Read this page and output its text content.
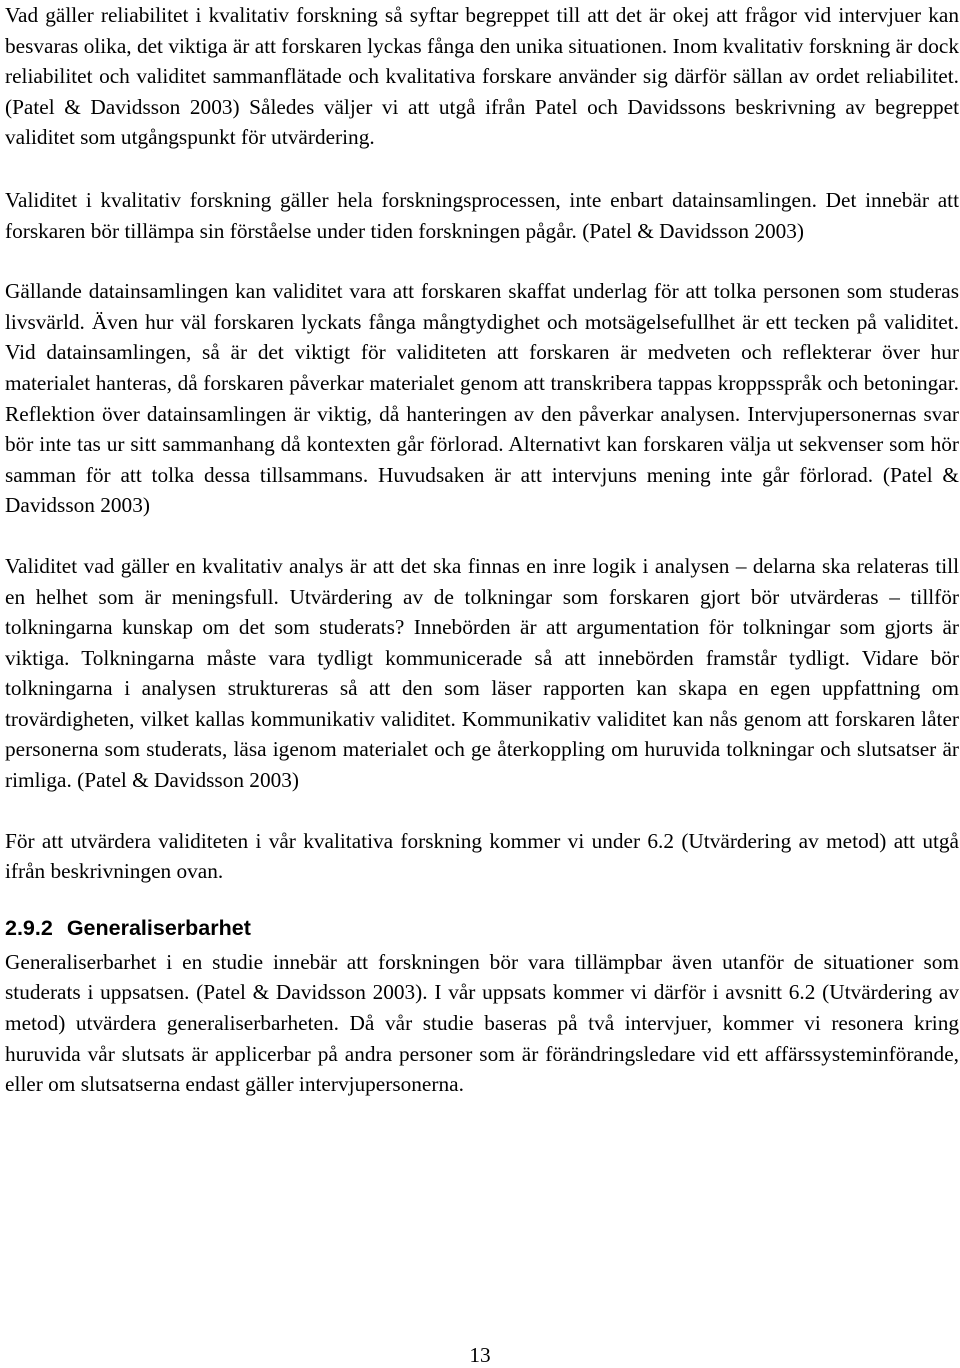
Vad gäller reliabilitet i kvalitativ forskning så syftar begreppet till att det är okej att frågor vid intervjuer kan besvaras olika, det viktiga är att forskaren lyckas fånga den unika situationen. Inom kvalitativ forskning är dock reliabilitet och validitet sammanflätade och kvalitativa forskare använder sig därför sällan av ordet reliabilitet. (Patel & Davidsson 2003) Således väljer vi att utgå ifrån Patel och Davidssons beskrivning av begreppet validitet som utgångspunkt för utvärdering.

Validitet i kvalitativ forskning gäller hela forskningsprocessen, inte enbart datainsamlingen. Det innebär att forskaren bör tillämpa sin förståelse under tiden forskningen pågår. (Patel & Davidsson 2003)

Gällande datainsamlingen kan validitet vara att forskaren skaffat underlag för att tolka personen som studeras livsvärld. Även hur väl forskaren lyckats fånga mångtydighet och motsägelsefullhet är ett tecken på validitet. Vid datainsamlingen, så är det viktigt för validiteten att forskaren är medveten och reflekterar över hur materialet hanteras, då forskaren påverkar materialet genom att transkribera tappas kroppsspråk och betoningar. Reflektion över datainsamlingen är viktig, då hanteringen av den påverkar analysen. Intervjupersonernas svar bör inte tas ur sitt sammanhang då kontexten går förlorad. Alternativt kan forskaren välja ut sekvenser som hör samman för att tolka dessa tillsammans. Huvudsaken är att intervjuns mening inte går förlorad. (Patel & Davidsson 2003)

Validitet vad gäller en kvalitativ analys är att det ska finnas en inre logik i analysen – delarna ska relateras till en helhet som är meningsfull. Utvärdering av de tolkningar som forskaren gjort bör utvärderas – tillför tolkningarna kunskap om det som studerats? Innebörden är att argumentation för tolkningar som gjorts är viktiga. Tolkningarna måste vara tydligt kommunicerade så att innebörden framstår tydligt. Vidare bör tolkningarna i analysen struktureras så att den som läser rapporten kan skapa en egen uppfattning om trovärdigheten, vilket kallas kommunikativ validitet. Kommunikativ validitet kan nås genom att forskaren låter personerna som studerats, läsa igenom materialet och ge återkoppling om huruvida tolkningar och slutsatser är rimliga. (Patel & Davidsson 2003)

För att utvärdera validiteten i vår kvalitativa forskning kommer vi under 6.2 (Utvärdering av metod) att utgå ifrån beskrivningen ovan.

2.9.2 Generaliserbarhet

Generaliserbarhet i en studie innebär att forskningen bör vara tillämpbar även utanför de situationer som studerats i uppsatsen. (Patel & Davidsson 2003). I vår uppsats kommer vi därför i avsnitt 6.2 (Utvärdering av metod) utvärdera generaliserbarheten. Då vår studie baseras på två intervjuer, kommer vi resonera kring huruvida vår slutsats är applicerbar på andra personer som är förändringsledare vid ett affärssysteminförande, eller om slutsatserna endast gäller intervjupersonerna.

13
